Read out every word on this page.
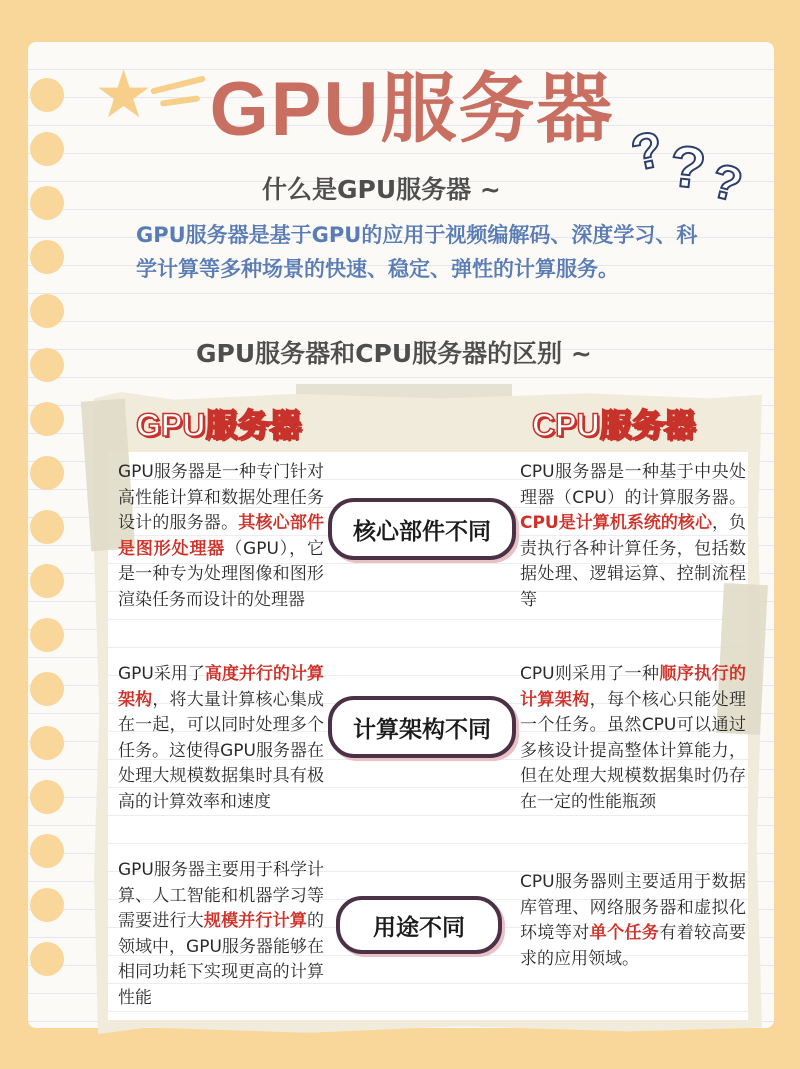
★ GPU服务器 ?
?
?
什么是GPU服务器 ~
GPU服务器是基于GPU的应用于视频编解码、深度学习、科学计算等多种场景的快速、稳定、弹性的计算服务。
GPU服务器和CPU服务器的区别 ~
GPU服务器	CPU服务器
GPU服务器是一种专门针对高性能计算和数据处理任务设计的服务器。其核心部件是图形处理器（GPU），它是一种专为处理图像和图形渲染任务而设计的处理器
核心部件不同
CPU服务器是一种基于中央处理器（CPU）的计算服务器。CPU是计算机系统的核心，负责执行各种计算任务，包括数据处理、逻辑运算、控制流程等
GPU采用了高度并行的计算架构，将大量计算核心集成在一起，可以同时处理多个任务。这使得GPU服务器在处理大规模数据集时具有极高的计算效率和速度
计算架构不同
CPU则采用了一种顺序执行的计算架构，每个核心只能处理一个任务。虽然CPU可以通过多核设计提高整体计算能力，但在处理大规模数据集时仍存在一定的性能瓶颈
GPU服务器主要用于科学计算、人工智能和机器学习等需要进行大规模并行计算的领域中，GPU服务器能够在相同功耗下实现更高的计算性能
用途不同
CPU服务器则主要适用于数据库管理、网络服务器和虚拟化环境等对单个任务有着较高要求的应用领域。
